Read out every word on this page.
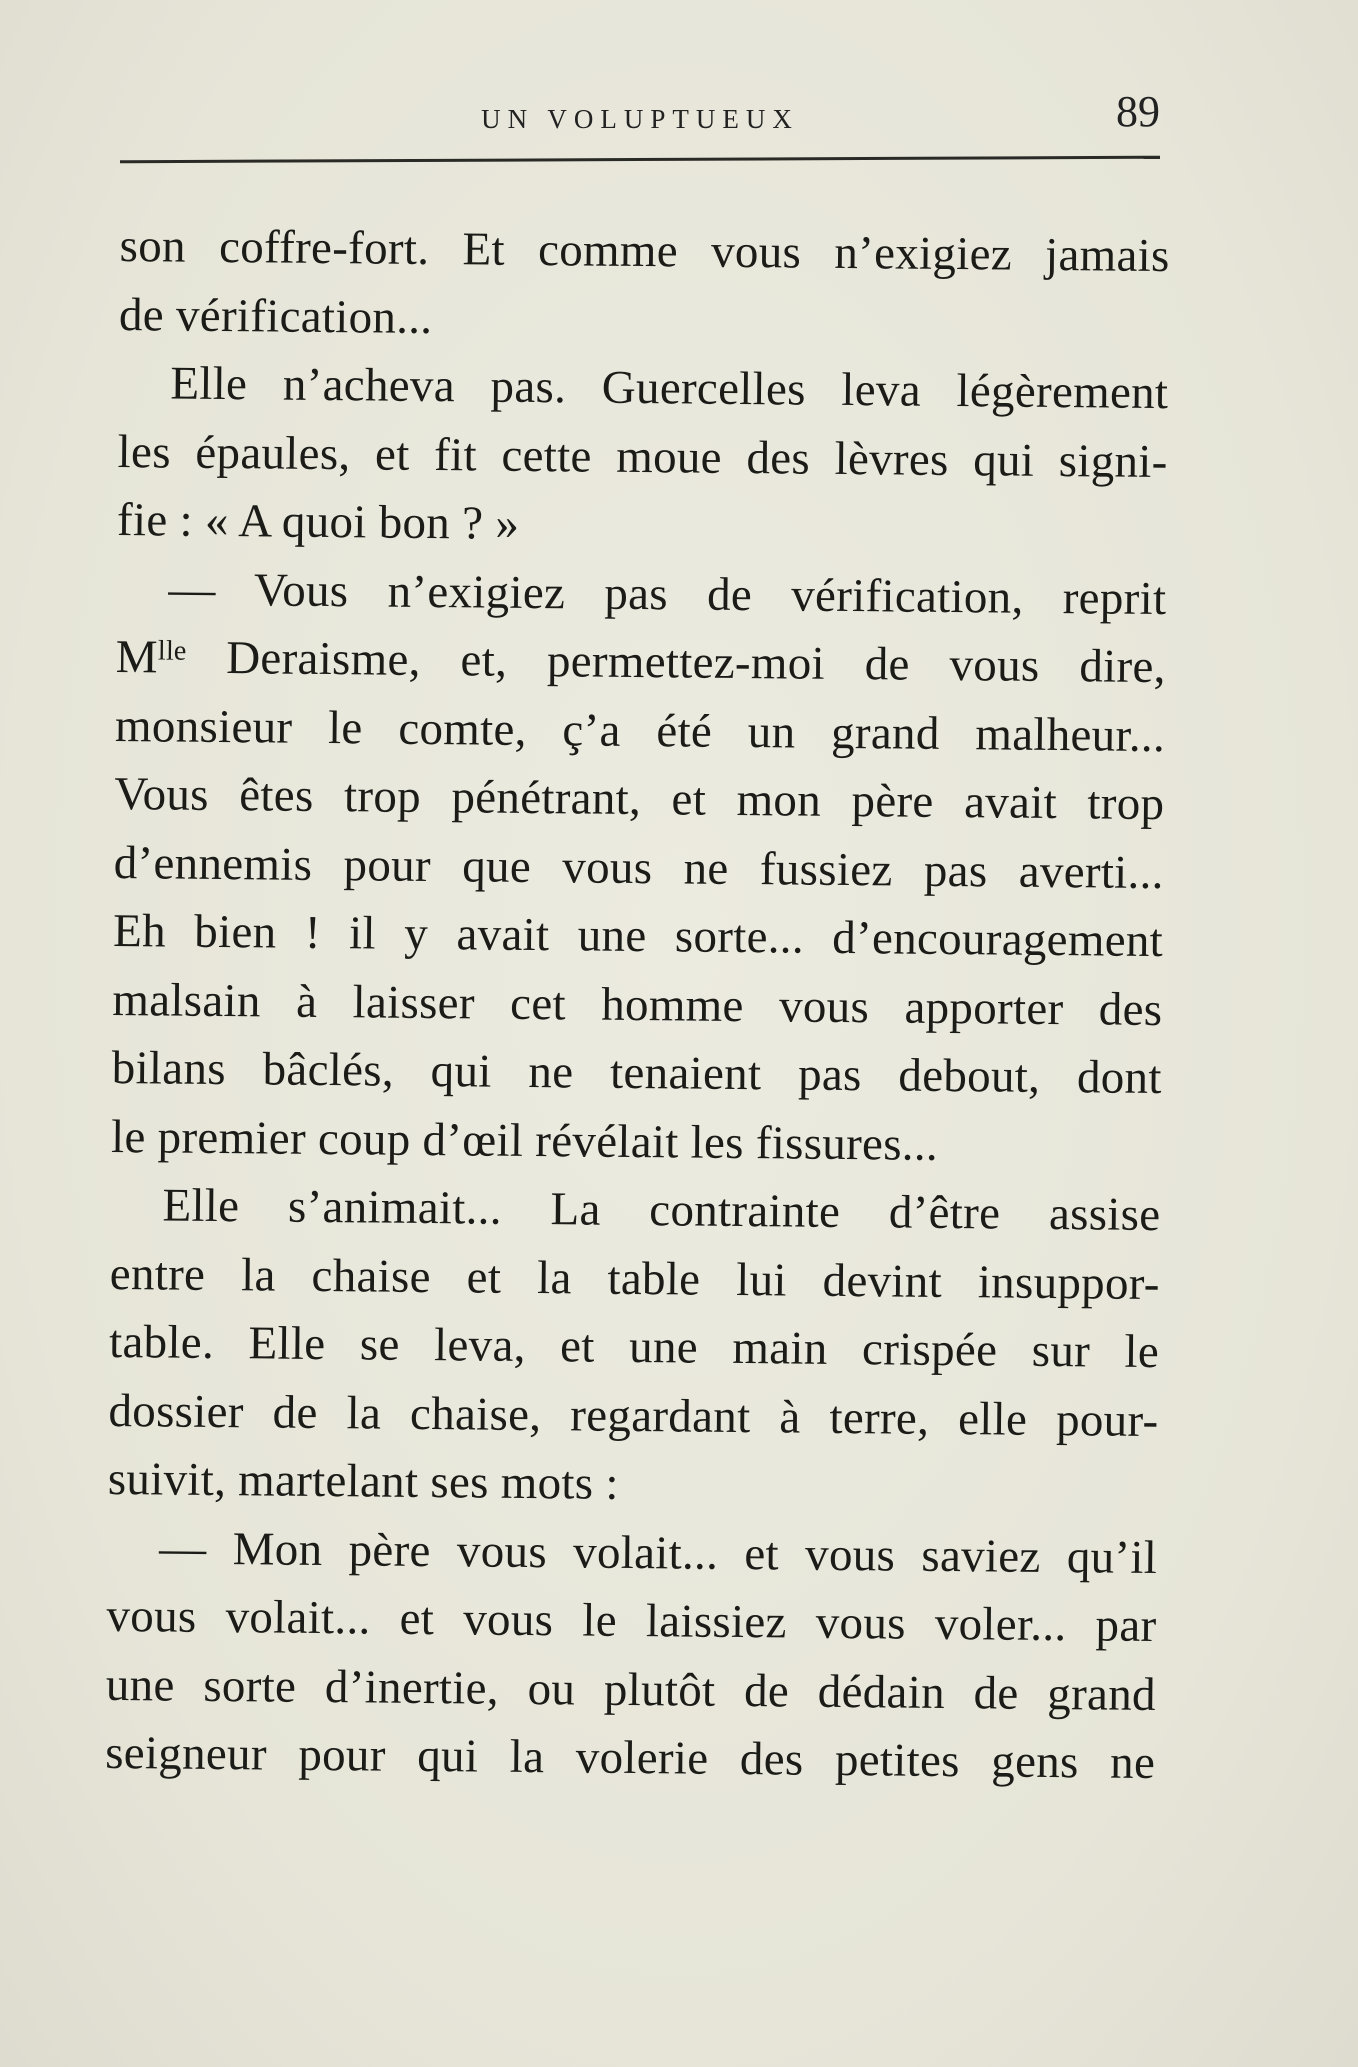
UN VOLUPTUEUX	89
son coffre-fort. Et comme vous n’exigiez jamais
de vérification...
Elle n’acheva pas. Guercelles leva légèrement
les épaules, et fit cette moue des lèvres qui signi-
fie : « A quoi bon ? »
— Vous n’exigiez pas de vérification, reprit
Mˡˡᵉ Deraisme, et, permettez-moi de vous dire,
monsieur le comte, ç’a été un grand malheur...
Vous êtes trop pénétrant, et mon père avait trop
d’ennemis pour que vous ne fussiez pas averti...
Eh bien ! il y avait une sorte... d’encouragement
malsain à laisser cet homme vous apporter des
bilans bâclés, qui ne tenaient pas debout, dont
le premier coup d’œil révélait les fissures...
Elle s’animait... La contrainte d’être assise
entre la chaise et la table lui devint insuppor-
table. Elle se leva, et une main crispée sur le
dossier de la chaise, regardant à terre, elle pour-
suivit, martelant ses mots :
— Mon père vous volait... et vous saviez qu’il
vous volait... et vous le laissiez vous voler... par
une sorte d’inertie, ou plutôt de dédain de grand
seigneur pour qui la volerie des petites gens ne
